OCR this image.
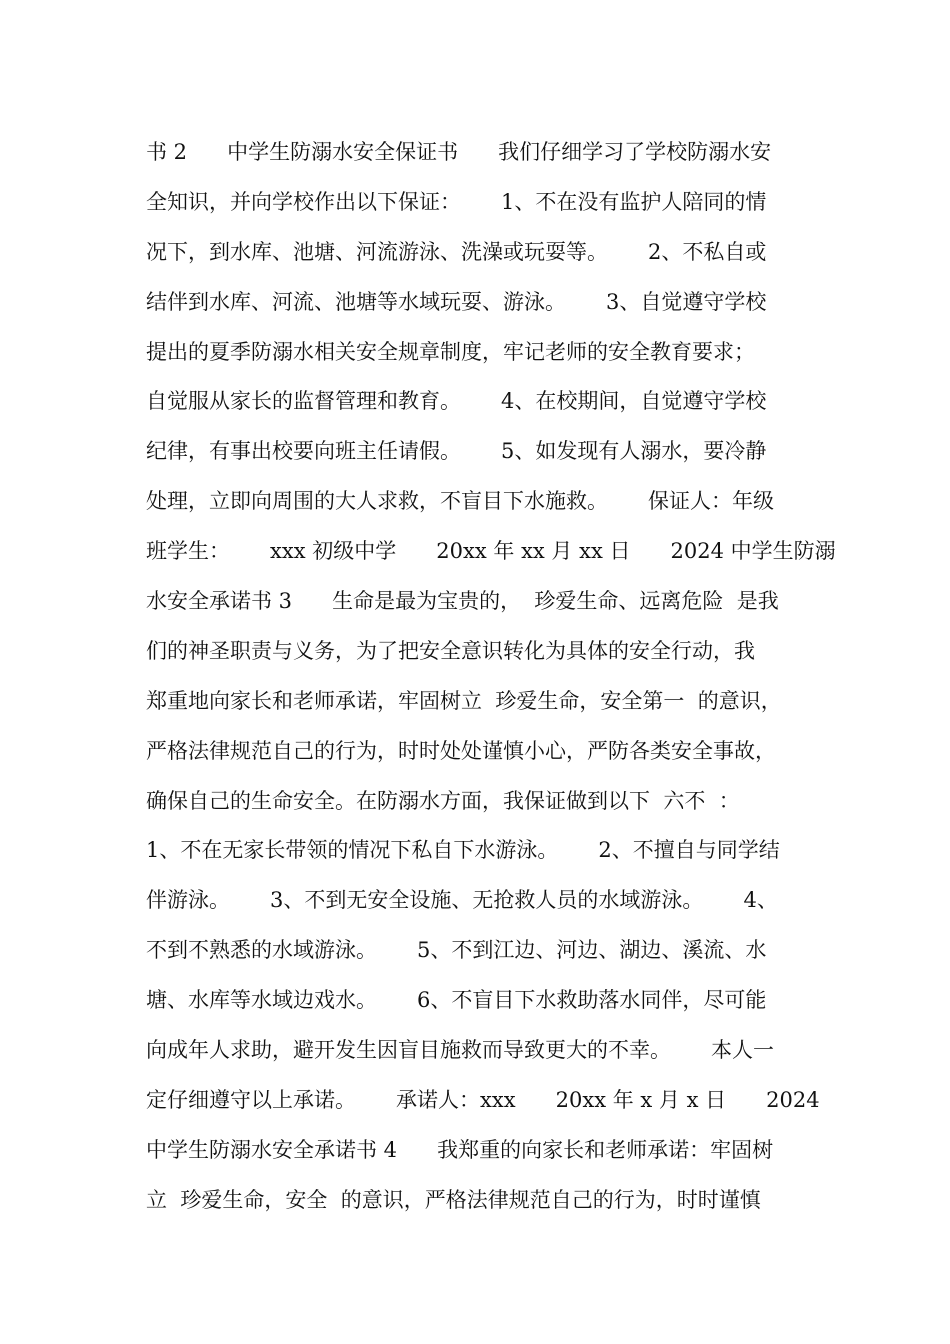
书 2      中学生防溺水安全保证书      我们仔细学习了学校防溺水安
全知识，并向学校作出以下保证：      1、不在没有监护人陪同的情
况下，到水库、池塘、河流游泳、洗澡或玩耍等。      2、不私自或
结伴到水库、河流、池塘等水域玩耍、游泳。      3、自觉遵守学校
提出的夏季防溺水相关安全规章制度，牢记老师的安全教育要求；
自觉服从家长的监督管理和教育。      4、在校期间，自觉遵守学校
纪律，有事出校要向班主任请假。      5、如发现有人溺水，要冷静
处理，立即向周围的大人求救，不盲目下水施救。      保证人：年级
班学生：      xxx 初级中学      20xx 年 xx 月 xx 日      2024 中学生防溺
水安全承诺书 3      生命是最为宝贵的，  珍爱生命、远离危险  是我
们的神圣职责与义务，为了把安全意识转化为具体的安全行动，我
郑重地向家长和老师承诺，牢固树立  珍爱生命，安全第一  的意识，
严格法律规范自己的行为，时时处处谨慎小心，严防各类安全事故，
确保自己的生命安全。在防溺水方面，我保证做到以下  六不  ：
1、不在无家长带领的情况下私自下水游泳。      2、不擅自与同学结
伴游泳。      3、不到无安全设施、无抢救人员的水域游泳。      4、
不到不熟悉的水域游泳。      5、不到江边、河边、湖边、溪流、水
塘、水库等水域边戏水。      6、不盲目下水救助落水同伴，尽可能
向成年人求助，避开发生因盲目施救而导致更大的不幸。      本人一
定仔细遵守以上承诺。      承诺人：xxx      20xx 年 x 月 x 日      2024
中学生防溺水安全承诺书 4      我郑重的向家长和老师承诺：牢固树
立  珍爱生命，安全  的意识，严格法律规范自己的行为，时时谨慎
